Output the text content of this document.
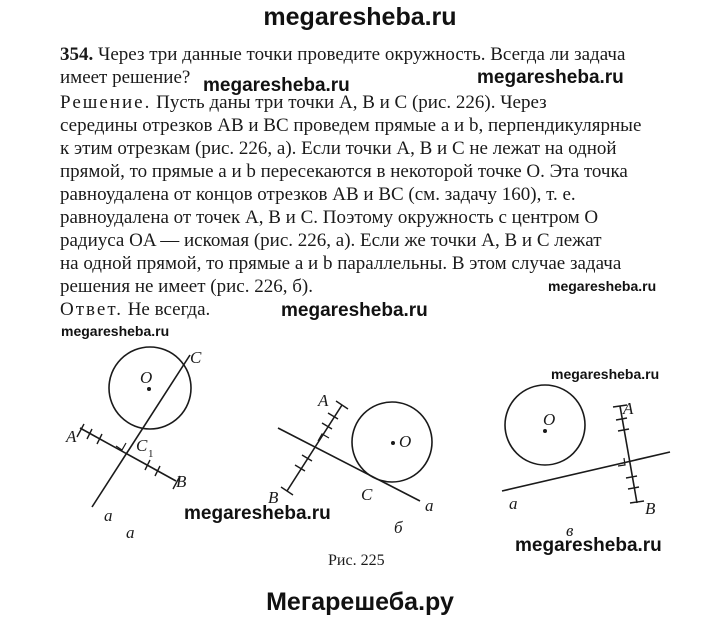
megaresheba.ru
354. Через три данные точки проведите окружность. Всегда ли задача
имеет решение? megaresheba.ru	megaresheba.ru
Решение. Пусть даны три точки A, B и C (рис. 226). Через
середины отрезков AB и BC проведем прямые a и b, перпендикулярные
к этим отрезкам (рис. 226, а). Если точки A, B и C не лежат на одной
прямой, то прямые a и b пересекаются в некоторой точке O. Эта точка
равноудалена от концов отрезков AB и BC (см. задачу 160), т. е.
равноудалена от точек A, B и C. Поэтому окружность с центром O
радиуса OA — искомая (рис. 226, а). Если же точки A, B и C лежат
на одной прямой, то прямые a и b параллельны. В этом случае задача
решения не имеет (рис. 226, б).	megaresheba.ru
Ответ. Не всегда.	megaresheba.ru
megaresheba.ru
megaresheba.ru
O
C
A	C 1
B
a
O
A
B	C
a
O
A
B
a
а	б	в
megaresheba.ru
megaresheba.ru
Рис. 225
Мегарешеба.ру
